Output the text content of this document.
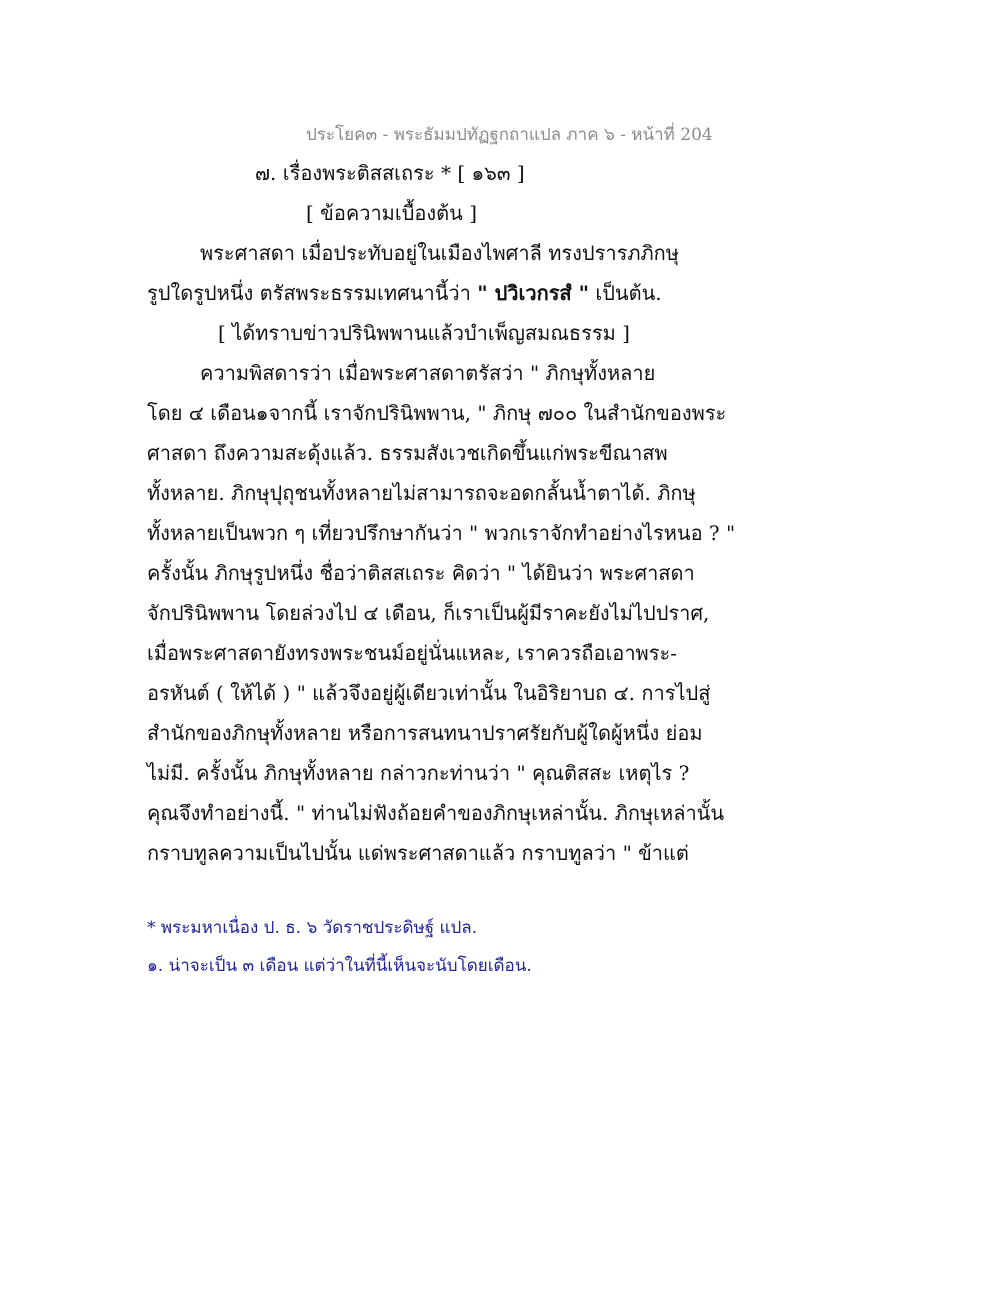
ประโยค๓ - พระธัมมปทัฏฐกถาแปล ภาค ๖ - หน้าที่ 204
๗. เรื่องพระติสสเถระ * [ ๑๖๓ ]
[ ข้อความเบื้องต้น ]
พระศาสดา เมื่อประทับอยู่ในเมืองไพศาลี ทรงปรารภภิกษุ
รูปใดรูปหนึ่ง ตรัสพระธรรมเทศนานี้ว่า " ปวิเวกรสํ " เป็นต้น.
[ ได้ทราบข่าวปรินิพพานแล้วบำเพ็ญสมณธรรม ]
ความพิสดารว่า เมื่อพระศาสดาตรัสว่า " ภิกษุทั้งหลาย
โดย ๔ เดือน๑จากนี้ เราจักปรินิพพาน, " ภิกษุ ๗๐๐ ในสำนักของพระ
ศาสดา ถึงความสะดุ้งแล้ว. ธรรมสังเวชเกิดขึ้นแก่พระขีณาสพ
ทั้งหลาย. ภิกษุปุถุชนทั้งหลายไม่สามารถจะอดกลั้นน้ำตาได้. ภิกษุ
ทั้งหลายเป็นพวก ๆ เที่ยวปรึกษากันว่า " พวกเราจักทำอย่างไรหนอ ? "
ครั้งนั้น ภิกษุรูปหนึ่ง ชื่อว่าติสสเถระ คิดว่า " ได้ยินว่า พระศาสดา
จักปรินิพพาน โดยล่วงไป ๔ เดือน, ก็เราเป็นผู้มีราคะยังไม่ไปปราศ,
เมื่อพระศาสดายังทรงพระชนม์อยู่นั่นแหละ, เราควรถือเอาพระ-
อรหันต์ ( ให้ได้ ) " แล้วจึงอยู่ผู้เดียวเท่านั้น ในอิริยาบถ ๔. การไปสู่
สำนักของภิกษุทั้งหลาย หรือการสนทนาปราศรัยกับผู้ใดผู้หนึ่ง ย่อม
ไม่มี. ครั้งนั้น ภิกษุทั้งหลาย กล่าวกะท่านว่า " คุณติสสะ เหตุไร ?
คุณจึงทำอย่างนี้. " ท่านไม่ฟังถ้อยคำของภิกษุเหล่านั้น. ภิกษุเหล่านั้น
กราบทูลความเป็นไปนั้น แด่พระศาสดาแล้ว กราบทูลว่า " ข้าแต่
* พระมหาเนื่อง ป. ธ. ๖ วัดราชประดิษฐ์ แปล.
๑. น่าจะเป็น ๓ เดือน แต่ว่าในที่นี้เห็นจะนับโดยเดือน.
